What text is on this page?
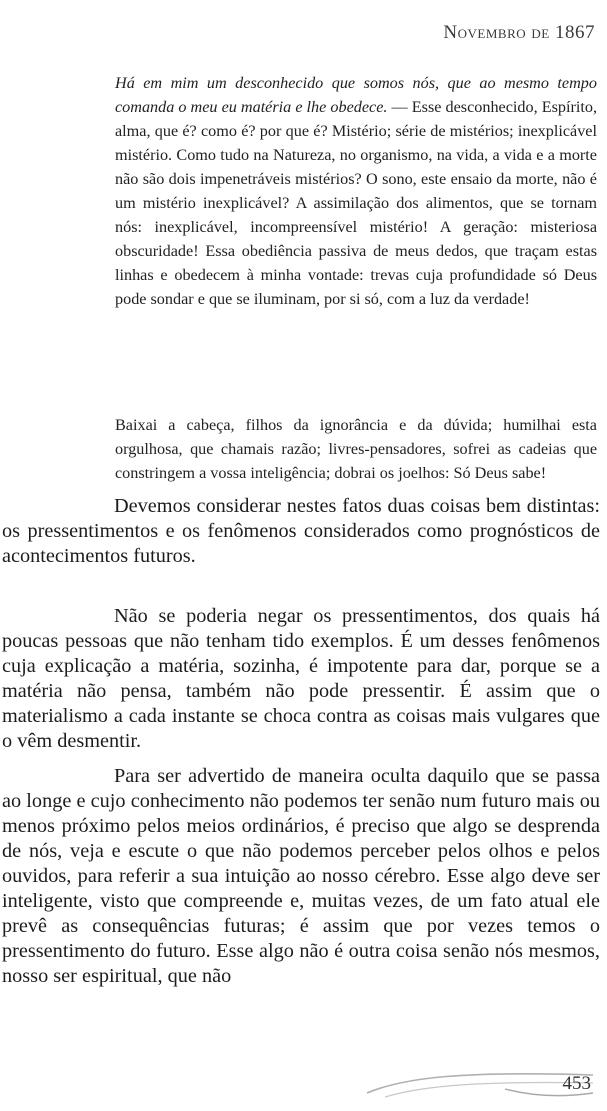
Novembro de 1867

Há em mim um desconhecido que somos nós, que ao mesmo tempo comanda o meu eu matéria e lhe obedece. — Esse desconhecido, Espírito, alma, que é? como é? por que é? Mistério; série de mistérios; inexplicável mistério. Como tudo na Natureza, no organismo, na vida, a vida e a morte não são dois impenetráveis mistérios? O sono, este ensaio da morte, não é um mistério inexplicável? A assimilação dos alimentos, que se tornam nós: inexplicável, incompreensível mistério! A geração: misteriosa obscuridade! Essa obediência passiva de meus dedos, que traçam estas linhas e obedecem à minha vontade: trevas cuja profundidade só Deus pode sondar e que se iluminam, por si só, com a luz da verdade!

Baixai a cabeça, filhos da ignorância e da dúvida; humilhai esta orgulhosa, que chamais razão; livres-pensadores, sofrei as cadeias que constringem a vossa inteligência; dobrai os joelhos: Só Deus sabe!

Devemos considerar nestes fatos duas coisas bem distintas: os pressentimentos e os fenômenos considerados como prognósticos de acontecimentos futuros.

Não se poderia negar os pressentimentos, dos quais há poucas pessoas que não tenham tido exemplos. É um desses fenômenos cuja explicação a matéria, sozinha, é impotente para dar, porque se a matéria não pensa, também não pode pressentir. É assim que o materialismo a cada instante se choca contra as coisas mais vulgares que o vêm desmentir.

Para ser advertido de maneira oculta daquilo que se passa ao longe e cujo conhecimento não podemos ter senão num futuro mais ou menos próximo pelos meios ordinários, é preciso que algo se desprenda de nós, veja e escute o que não podemos perceber pelos olhos e pelos ouvidos, para referir a sua intuição ao nosso cérebro. Esse algo deve ser inteligente, visto que compreende e, muitas vezes, de um fato atual ele prevê as consequências futuras; é assim que por vezes temos o pressentimento do futuro. Esse algo não é outra coisa senão nós mesmos, nosso ser espiritual, que não

453
